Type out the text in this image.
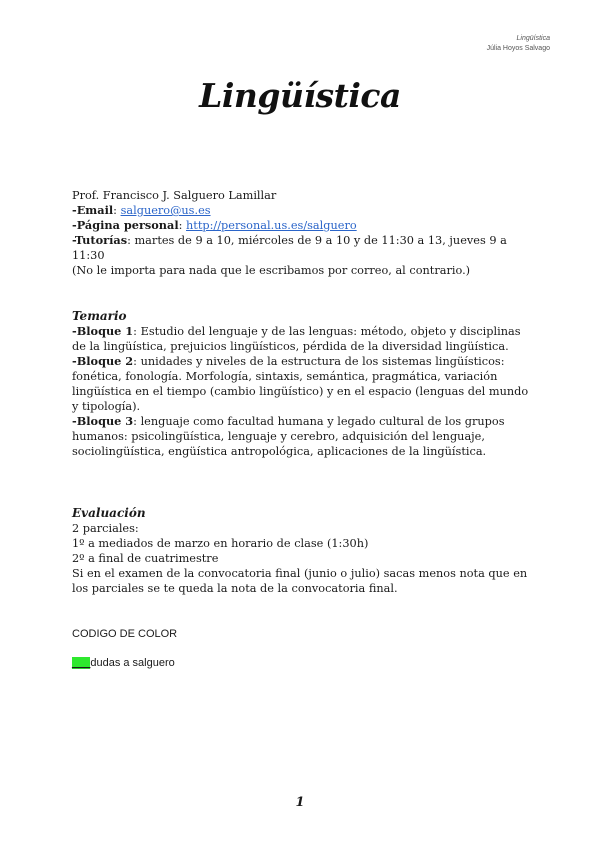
Lingüística
Júlia Hoyos Salvago
Lingüística

Prof. Francisco J. Salguero Lamillar

-Email: salguero@us.es

-Página personal: http://personal.us.es/salguero

-Tutorías: martes de 9 a 10, miércoles de 9 a 10 y de 11:30 a 13, jueves 9 a 11:30

(No le importa para nada que le escribamos por correo, al contrario.)

Temario

-Bloque 1: Estudio del lenguaje y de las lenguas: método, objeto y disciplinas de la lingüística, prejuicios lingüísticos, pérdida de la diversidad lingüística.

-Bloque 2: unidades y niveles de la estructura de los sistemas lingüísticos: fonética, fonología. Morfología, sintaxis, semántica, pragmática, variación lingüística en el tiempo (cambio lingüístico) y en el espacio (lenguas del mundo y tipología).

-Bloque 3: lenguaje como facultad humana y legado cultural de los grupos humanos: psicolingüística, lenguaje y cerebro, adquisición del lenguaje, sociolingüística, engüística antropológica, aplicaciones de la lingüística.

Evaluación

2 parciales:

1º a mediados de marzo en horario de clase (1:30h)

2º a final de cuatrimestre

Si en el examen de la convocatoria final (junio o julio) sacas menos nota que en los parciales se te queda la nota de la convocatoria final.

CODIGO DE COLOR
___dudas a salguero
1
